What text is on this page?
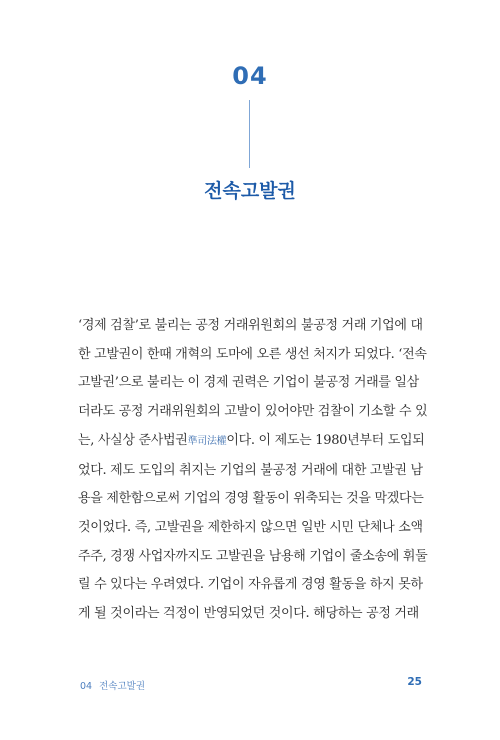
04
전속고발권

‘경제 검찰’로 불리는 공정 거래위원회의 불공정 거래 기업에 대
한 고발권이 한때 개혁의 도마에 오른 생선 처지가 되었다. ‘전속
고발권’으로 불리는 이 경제 권력은 기업이 불공정 거래를 일삼
더라도 공정 거래위원회의 고발이 있어야만 검찰이 기소할 수 있
는, 사실상 준사법권準司法權이다. 이 제도는 1980년부터 도입되
었다. 제도 도입의 취지는 기업의 불공정 거래에 대한 고발권 남
용을 제한함으로써 기업의 경영 활동이 위축되는 것을 막겠다는
것이었다. 즉, 고발권을 제한하지 않으면 일반 시민 단체나 소액
주주, 경쟁 사업자까지도 고발권을 남용해 기업이 줄소송에 휘둘
릴 수 있다는 우려였다. 기업이 자유롭게 경영 활동을 하지 못하
게 될 것이라는 걱정이 반영되었던 것이다. 해당하는 공정 거래

04 전속고발권	25
